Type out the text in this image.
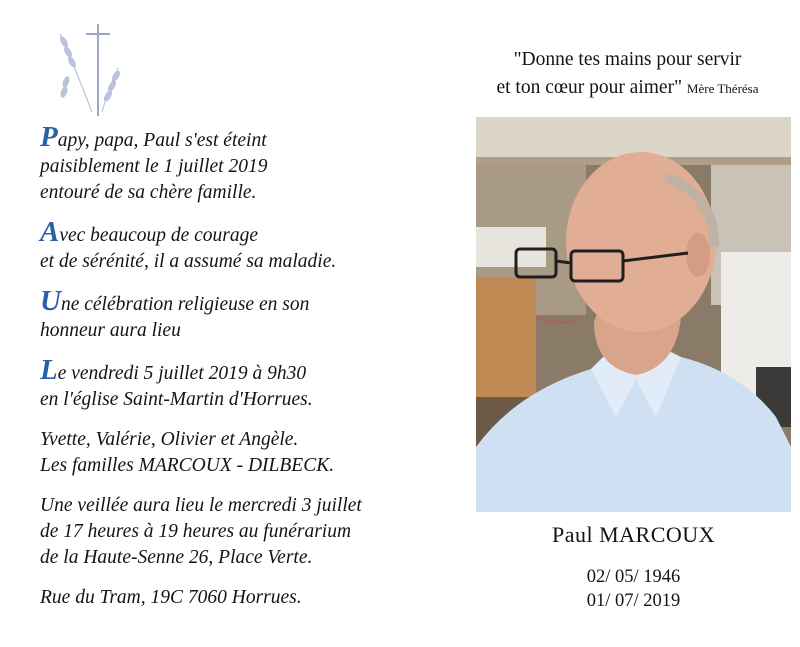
Papy, papa, Paul s'est éteint
paisiblement le 1 juillet 2019
entouré de sa chère famille.

Avec beaucoup de courage
et de sérénité, il a assumé sa maladie.

Une célébration religieuse en son
honneur aura lieu

Le vendredi 5 juillet 2019 à 9h30
en l'église Saint-Martin d'Horrues.

Yvette, Valérie, Olivier et Angèle.
Les familles MARCOUX - DILBECK.

Une veillée aura lieu le mercredi 3 juillet
de 17 heures à 19 heures au funérarium
de la Haute-Senne 26, Place Verte.

Rue du Tram, 19C 7060 Horrues.

"Donne tes mains pour servir
et ton cœur pour aimer" Mère Thérésa
Paul MARCOUX
02/ 05/ 1946
01/ 07/ 2019
